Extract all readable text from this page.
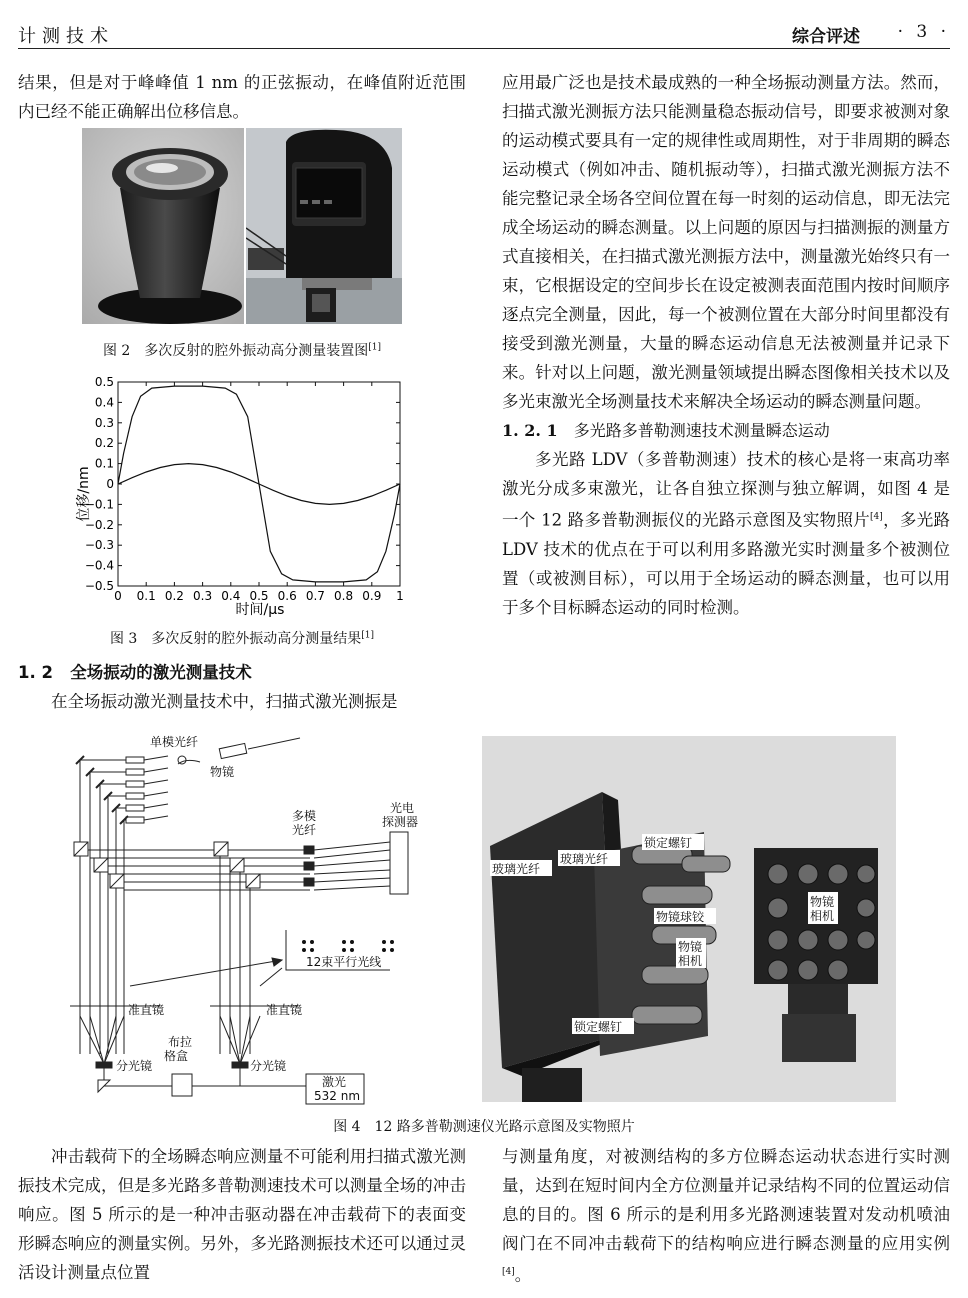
计测技术	综合评述 · 3 ·

结果，但是对于峰峰值 1 nm 的正弦振动，在峰值附近范围内已经不能正确解出位移信息。

图 2　多次反射的腔外振动高分测量装置图[1]
0 0.1 0.2 0.3 0.4 0.5 0.6 0.7 0.8 0.9 1
0.5
0.4
0.3
0.2
0.1
0
−0.1
−0.2
−0.3
−0.4
−0.5
位移/nm
时间/μs
图 3　多次反射的腔外振动高分测量结果[1]

1. 2 全场振动的激光测量技术

在全场振动激光测量技术中，扫描式激光测振是

应用最广泛也是技术最成熟的一种全场振动测量方法。然而，扫描式激光测振方法只能测量稳态振动信号，即要求被测对象的运动模式要具有一定的规律性或周期性，对于非周期的瞬态运动模式（例如冲击、随机振动等），扫描式激光测振方法不能完整记录全场各空间位置在每一时刻的运动信息，即无法完成全场运动的瞬态测量。以上问题的原因与扫描测振的测量方式直接相关，在扫描式激光测振方法中，测量激光始终只有一束，它根据设定的空间步长在设定被测表面范围内按时间顺序逐点完全测量，因此，每一个被测位置在大部分时间里都没有接受到激光测量，大量的瞬态运动信息无法被测量并记录下来。针对以上问题，激光测量领域提出瞬态图像相关技术以及多光束激光全场测量技术来解决全场运动的瞬态测量问题。

1. 2. 1 多光路多普勒测速技术测量瞬态运动

多光路 LDV（多普勒测速）技术的核心是将一束高功率激光分成多束激光，让各自独立探测与独立解调，如图 4 是一个 12 路多普勒测振仪的光路示意图及实物照片[4]，多光路 LDV 技术的优点在于可以利用多路激光实时测量多个被测位置（或被测目标），可以用于全场运动的瞬态测量，也可以用于多个目标瞬态运动的同时检测。

单模光纤
物镜
多模
光纤
光电
探测器
12束平行光线
准直镜	准直镜
分光镜	分光镜
布拉
格盒
激光
532 nm
玻璃光纤
玻璃光纤
锁定螺钉
物镜球铰
物镜
相机
锁定螺钉
物镜
相机
图 4　12 路多普勒测速仪光路示意图及实物照片

冲击载荷下的全场瞬态响应测量不可能利用扫描式激光测振技术完成，但是多光路多普勒测速技术可以测量全场的冲击响应。图 5 所示的是一种冲击驱动器在冲击载荷下的表面变形瞬态响应的测量实例。另外，多光路测振技术还可以通过灵活设计测量点位置

与测量角度，对被测结构的多方位瞬态运动状态进行实时测量，达到在短时间内全方位测量并记录结构不同的位置运动信息的目的。图 6 所示的是利用多光路测速装置对发动机喷油阀门在不同冲击载荷下的结构响应进行瞬态测量的应用实例[4]。
